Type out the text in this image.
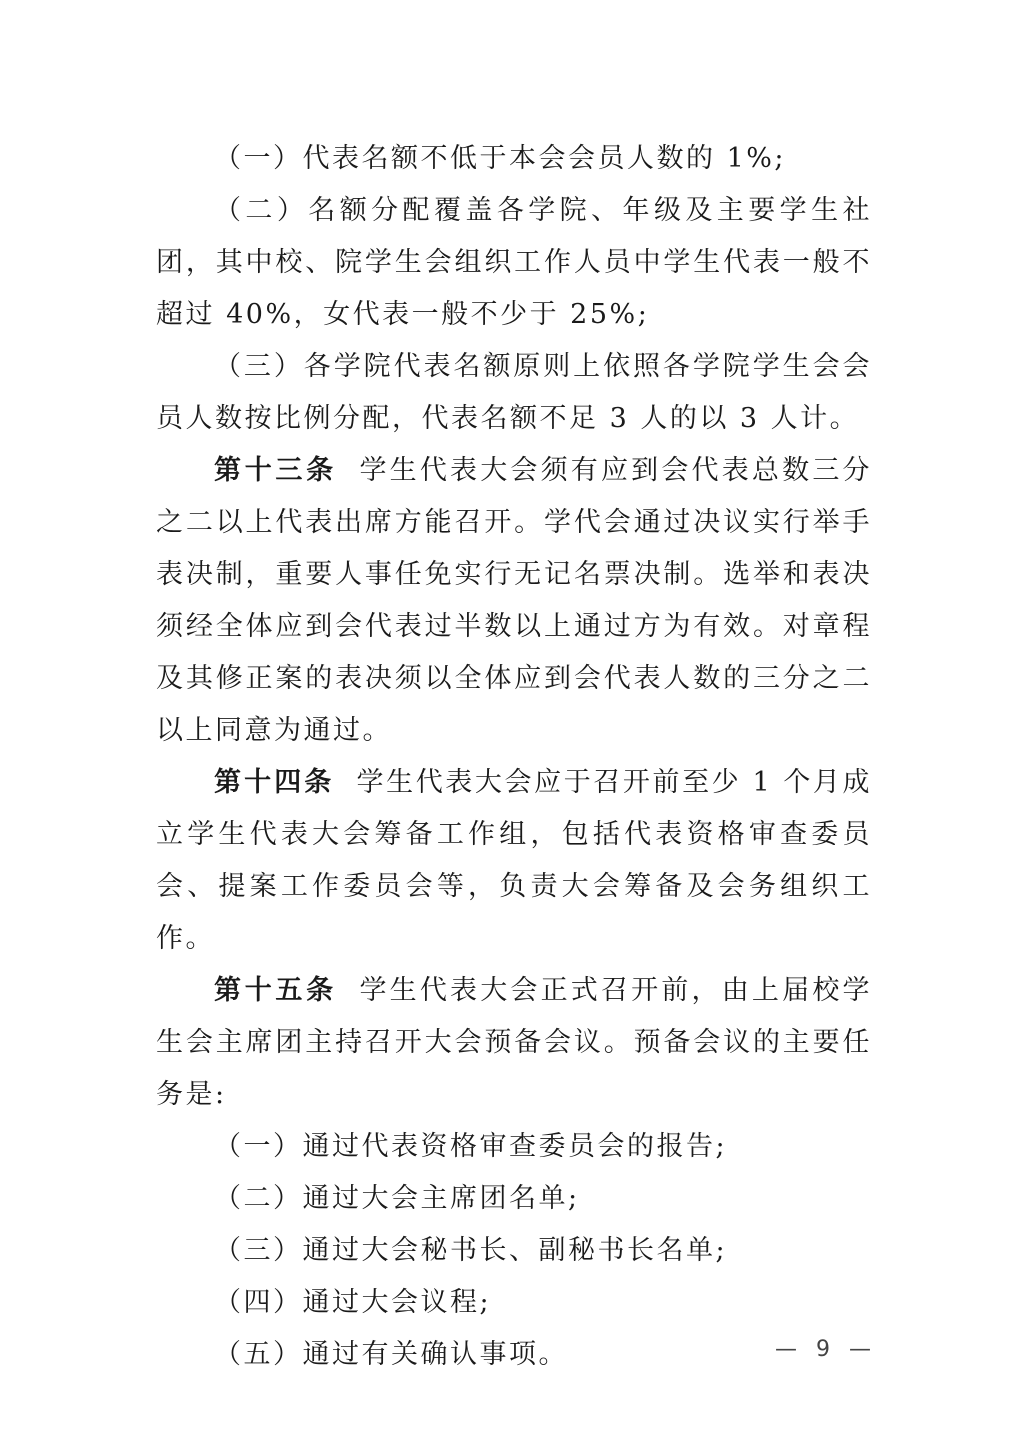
（一）代表名额不低于本会会员人数的 1%;

（二）名额分配覆盖各学院、年级及主要学生社团，其中校、院学生会组织工作人员中学生代表一般不超过 40%，女代表一般不少于 25%;

（三）各学院代表名额原则上依照各学院学生会会员人数按比例分配，代表名额不足 3 人的以 3 人计。

第十三条 学生代表大会须有应到会代表总数三分之二以上代表出席方能召开。学代会通过决议实行举手表决制，重要人事任免实行无记名票决制。选举和表决须经全体应到会代表过半数以上通过方为有效。对章程及其修正案的表决须以全体应到会代表人数的三分之二以上同意为通过。

第十四条 学生代表大会应于召开前至少 1 个月成立学生代表大会筹备工作组，包括代表资格审查委员会、提案工作委员会等，负责大会筹备及会务组织工作。

第十五条 学生代表大会正式召开前，由上届校学生会主席团主持召开大会预备会议。预备会议的主要任务是:

（一）通过代表资格审查委员会的报告;

（二）通过大会主席团名单;

（三）通过大会秘书长、副秘书长名单;

（四）通过大会议程;

（五）通过有关确认事项。	— 9 —
